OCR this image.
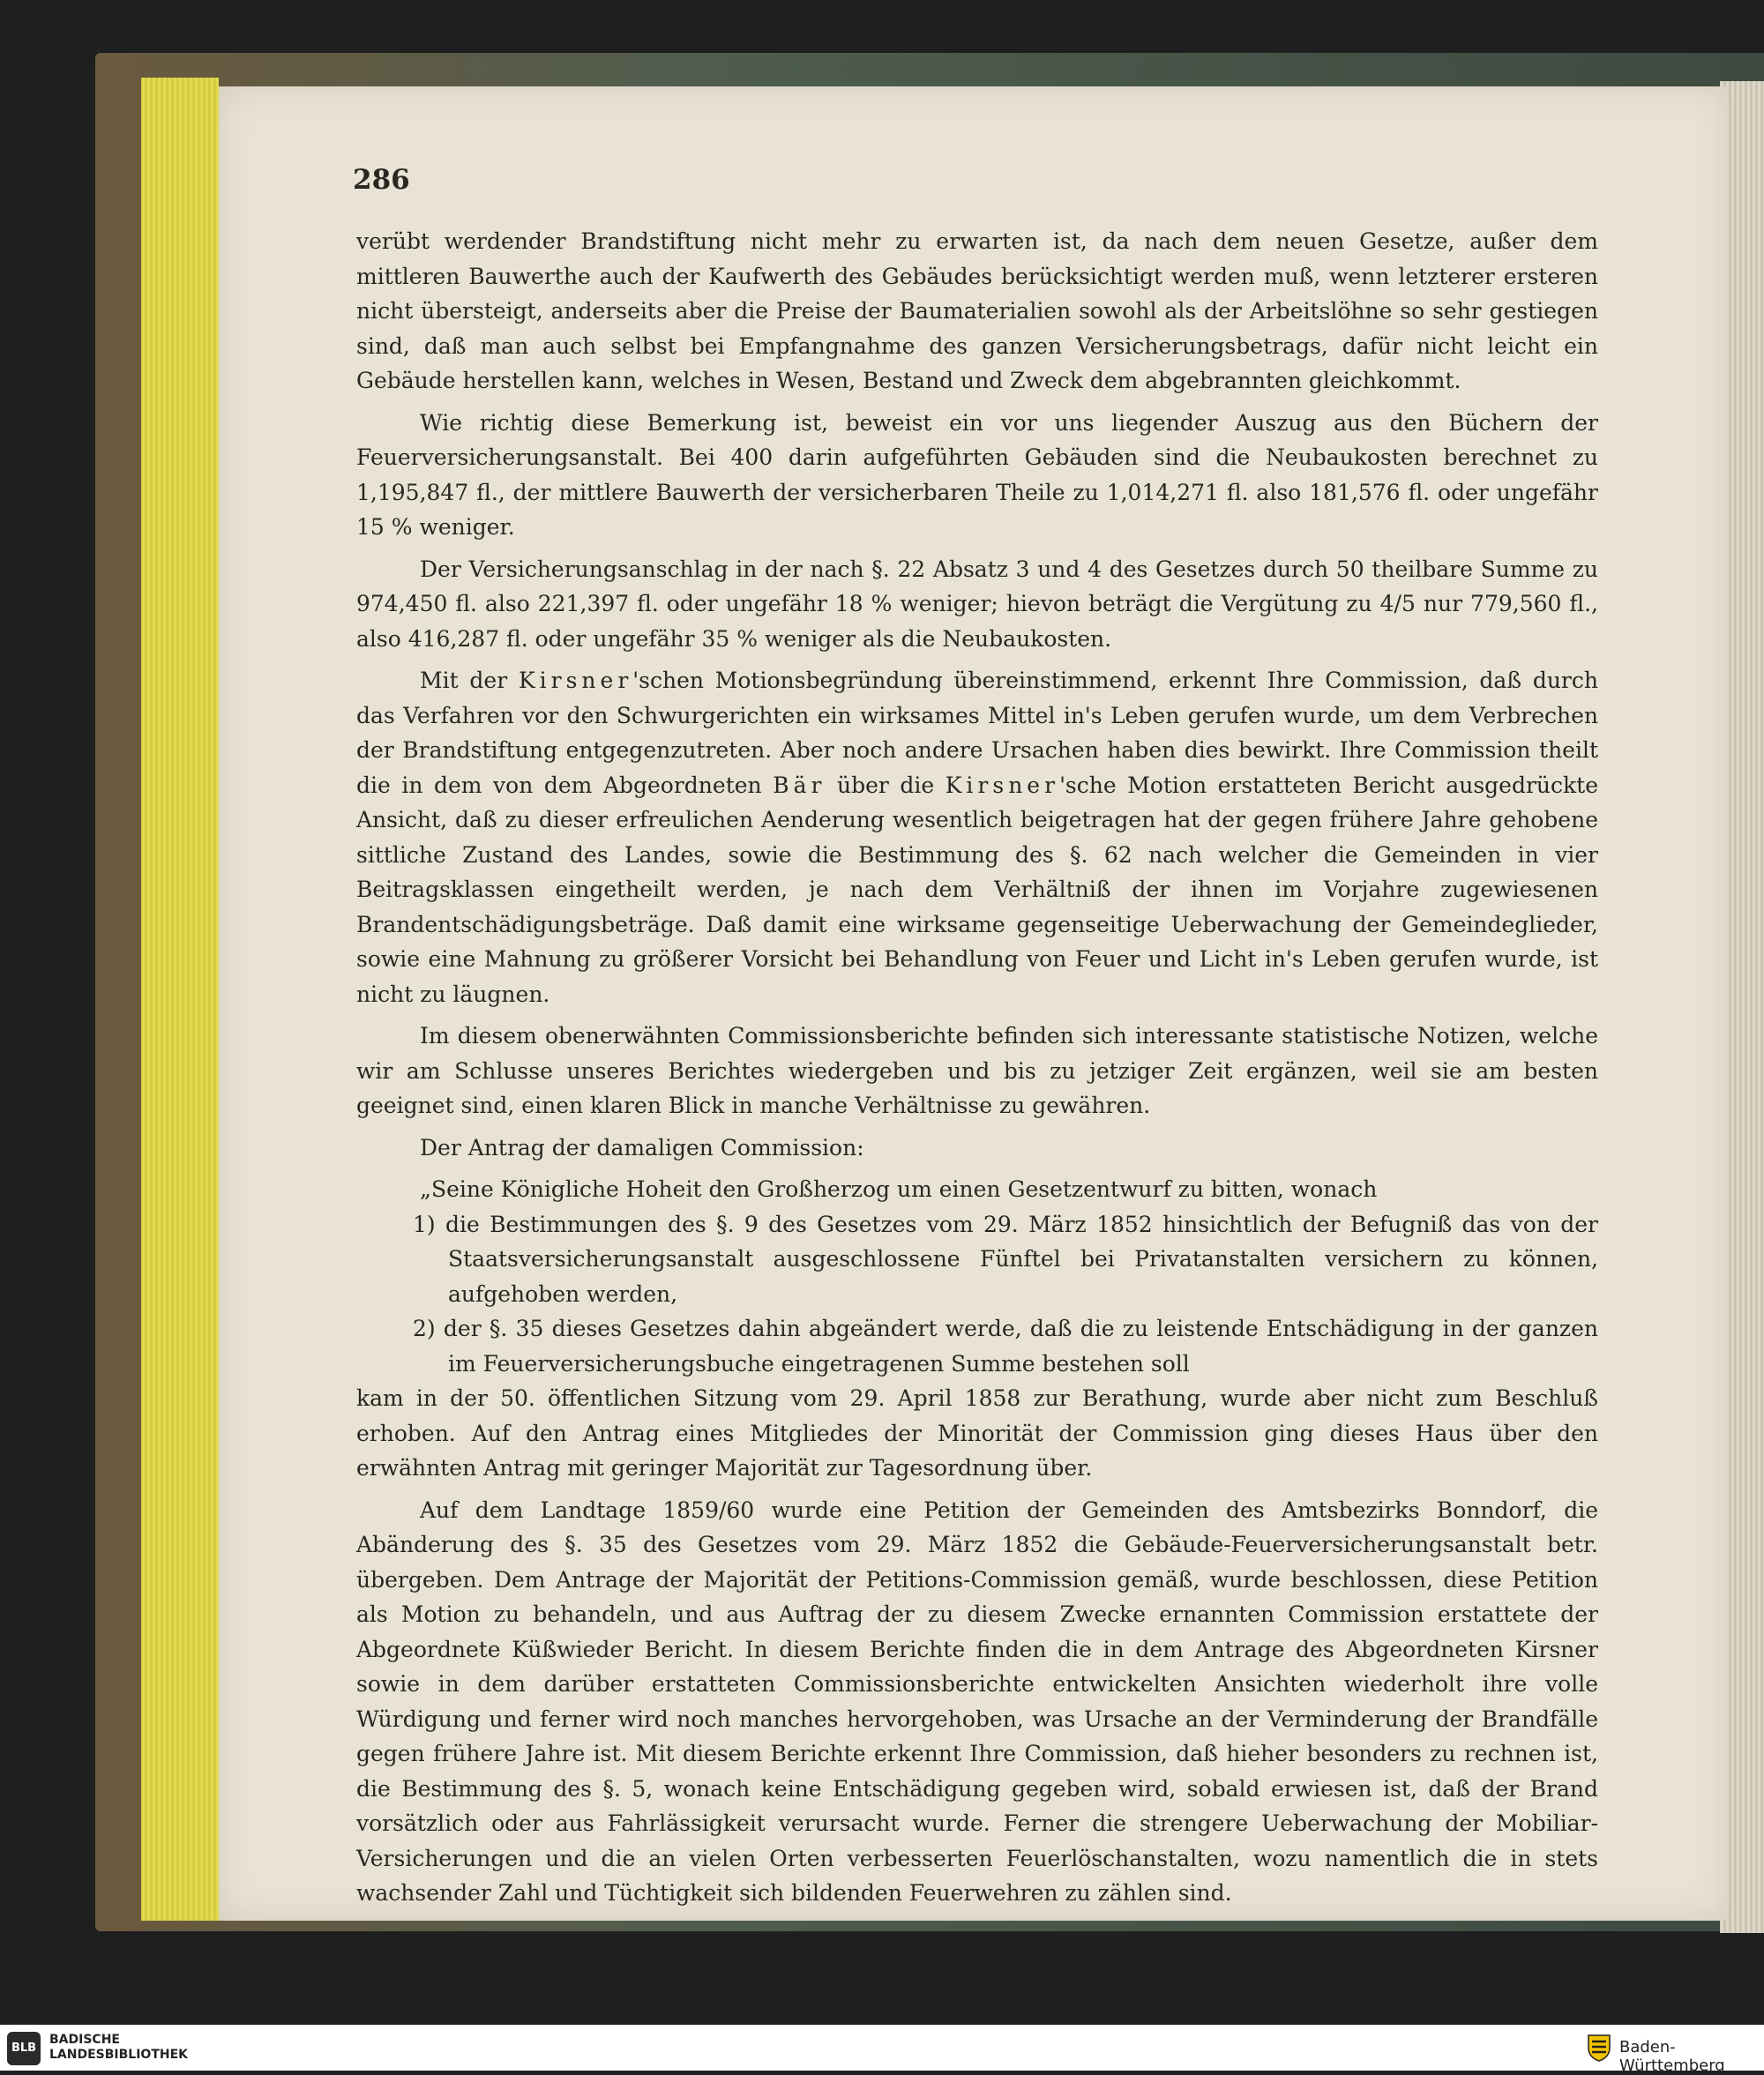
286

verübt werdender Brandstiftung nicht mehr zu erwarten ist, da nach dem neuen Gesetze, außer dem mittleren Bauwerthe auch der Kaufwerth des Gebäudes berücksichtigt werden muß, wenn letzterer ersteren nicht übersteigt, anderseits aber die Preise der Baumaterialien sowohl als der Arbeitslöhne so sehr gestiegen sind, daß man auch selbst bei Empfangnahme des ganzen Versicherungsbetrags, dafür nicht leicht ein Gebäude herstellen kann, welches in Wesen, Bestand und Zweck dem abgebrannten gleichkommt.

Wie richtig diese Bemerkung ist, beweist ein vor uns liegender Auszug aus den Büchern der Feuerversicherungsanstalt. Bei 400 darin aufgeführten Gebäuden sind die Neubaukosten berechnet zu 1,195,847 fl., der mittlere Bauwerth der versicherbaren Theile zu 1,014,271 fl. also 181,576 fl. oder ungefähr 15 % weniger.

Der Versicherungsanschlag in der nach §. 22 Absatz 3 und 4 des Gesetzes durch 50 theilbare Summe zu 974,450 fl. also 221,397 fl. oder ungefähr 18 % weniger; hievon beträgt die Vergütung zu 4/5 nur 779,560 fl., also 416,287 fl. oder ungefähr 35 % weniger als die Neubaukosten.

Mit der Kirsner'schen Motionsbegründung übereinstimmend, erkennt Ihre Commission, daß durch das Verfahren vor den Schwurgerichten ein wirksames Mittel in's Leben gerufen wurde, um dem Verbrechen der Brandstiftung entgegenzutreten. Aber noch andere Ursachen haben dies bewirkt. Ihre Commission theilt die in dem von dem Abgeordneten Bär über die Kirsner'sche Motion erstatteten Bericht ausgedrückte Ansicht, daß zu dieser erfreulichen Aenderung wesentlich beigetragen hat der gegen frühere Jahre gehobene sittliche Zustand des Landes, sowie die Bestimmung des §. 62 nach welcher die Gemeinden in vier Beitragsklassen eingetheilt werden, je nach dem Verhältniß der ihnen im Vorjahre zugewiesenen Brandentschädigungsbeträge. Daß damit eine wirksame gegenseitige Ueberwachung der Gemeindeglieder, sowie eine Mahnung zu größerer Vorsicht bei Behandlung von Feuer und Licht in's Leben gerufen wurde, ist nicht zu läugnen.

Im diesem obenerwähnten Commissionsberichte befinden sich interessante statistische Notizen, welche wir am Schlusse unseres Berichtes wiedergeben und bis zu jetziger Zeit ergänzen, weil sie am besten geeignet sind, einen klaren Blick in manche Verhältnisse zu gewähren.

Der Antrag der damaligen Commission:

„Seine Königliche Hoheit den Großherzog um einen Gesetzentwurf zu bitten, wonach

1) die Bestimmungen des §. 9 des Gesetzes vom 29. März 1852 hinsichtlich der Befugniß das von der Staatsversicherungsanstalt ausgeschlossene Fünftel bei Privatanstalten versichern zu können, aufgehoben werden,

2) der §. 35 dieses Gesetzes dahin abgeändert werde, daß die zu leistende Entschädigung in der ganzen im Feuerversicherungsbuche eingetragenen Summe bestehen soll

kam in der 50. öffentlichen Sitzung vom 29. April 1858 zur Berathung, wurde aber nicht zum Beschluß erhoben. Auf den Antrag eines Mitgliedes der Minorität der Commission ging dieses Haus über den erwähnten Antrag mit geringer Majorität zur Tagesordnung über.

Auf dem Landtage 1859/60 wurde eine Petition der Gemeinden des Amtsbezirks Bonndorf, die Abänderung des §. 35 des Gesetzes vom 29. März 1852 die Gebäude-Feuerversicherungsanstalt betr. übergeben. Dem Antrage der Majorität der Petitions-Commission gemäß, wurde beschlossen, diese Petition als Motion zu behandeln, und aus Auftrag der zu diesem Zwecke ernannten Commission erstattete der Abgeordnete Küßwieder Bericht. In diesem Berichte finden die in dem Antrage des Abgeordneten Kirsner sowie in dem darüber erstatteten Commissionsberichte entwickelten Ansichten wiederholt ihre volle Würdigung und ferner wird noch manches hervorgehoben, was Ursache an der Verminderung der Brandfälle gegen frühere Jahre ist. Mit diesem Berichte erkennt Ihre Commission, daß hieher besonders zu rechnen ist, die Bestimmung des §. 5, wonach keine Entschädigung gegeben wird, sobald erwiesen ist, daß der Brand vorsätzlich oder aus Fahrlässigkeit verursacht wurde. Ferner die strengere Ueberwachung der Mobiliar-Versicherungen und die an vielen Orten verbesserten Feuerlöschanstalten, wozu namentlich die in stets wachsender Zahl und Tüchtigkeit sich bildenden Feuerwehren zu zählen sind.

BLB
BADISCHE
LANDESBIBLIOTHEK	Baden-Württemberg
